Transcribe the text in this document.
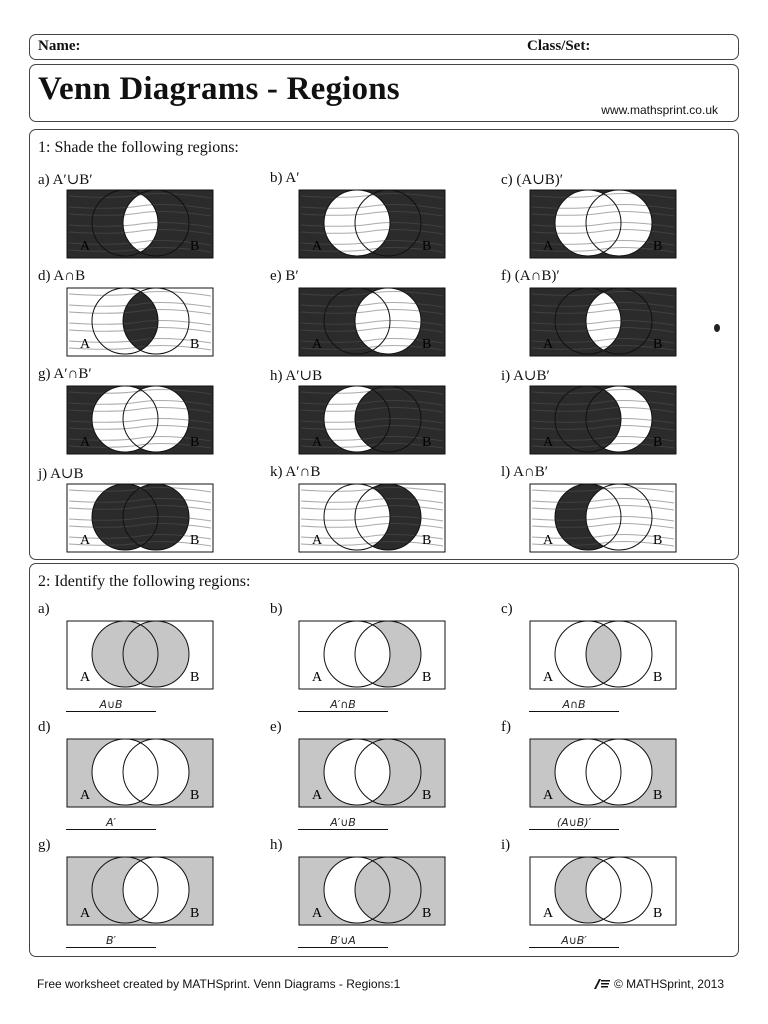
Name:	Class/Set:
Venn Diagrams - Regions
www.mathsprint.co.uk
1: Shade the following regions:
a) A′∪B′
A	B
b) A′
A	B
c) (A∪B)′
A	B
d) A∩B
A	B
e) B′
A	B
f) (A∩B)′
A	B
g) A′∩B′
A	B
h) A′∪B
A	B
i) A∪B′
A	B
j) A∪B
A	B
k) A′∩B
A	B
l) A∩B′
A	B
2: Identify the following regions:
a)
A	B
A∪B
b)
A	B
A′∩B
c)
A	B
A∩B
d)
A	B
A′
e)
A	B
A′∪B
f)
A	B
(A∪B)′
g)
A	B
B′
h)
A	B
B′∪A
i)
A	B
A∪B′
Free worksheet created by MATHSprint. Venn Diagrams - Regions:1	© MATHSprint, 2013
